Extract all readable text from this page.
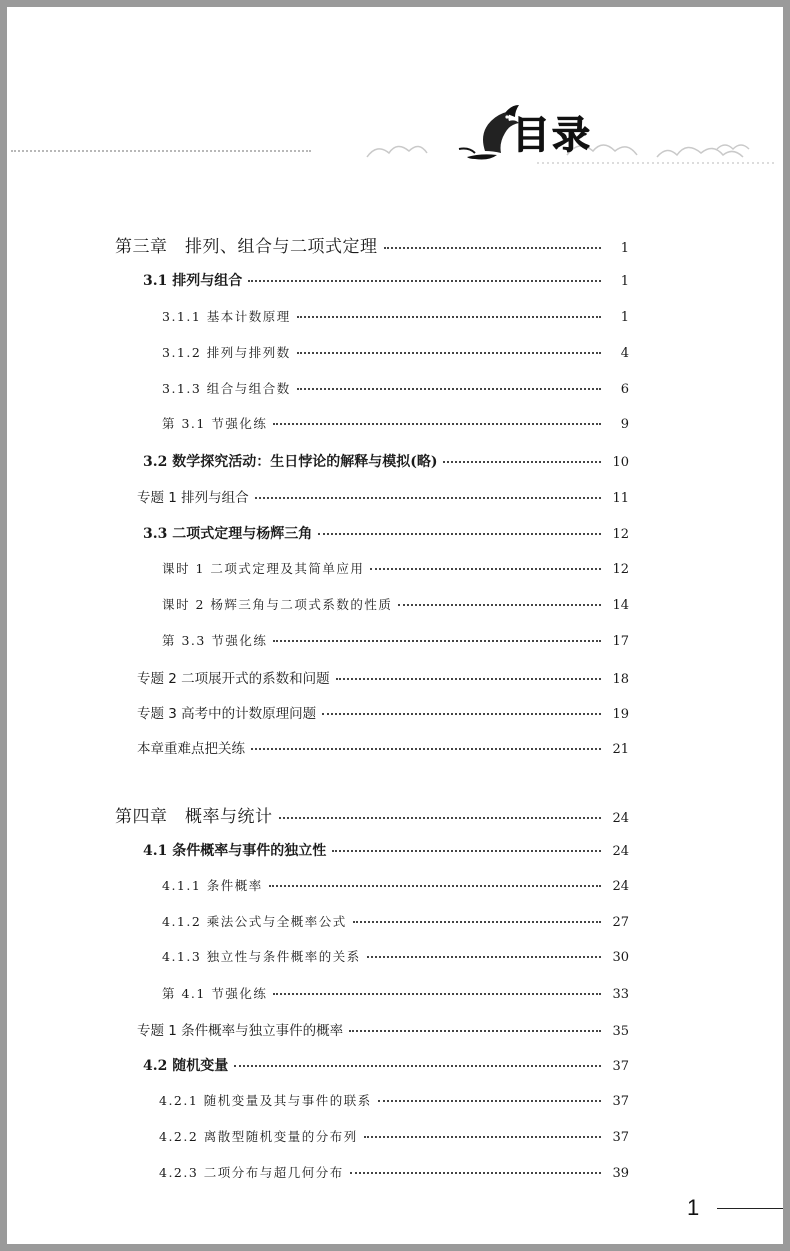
目录
第三章　排列、组合与二项式定理	1
3.1 排列与组合	1
3.1.1 基本计数原理	1
3.1.2 排列与排列数	4
3.1.3 组合与组合数	6
第 3.1 节强化练	9
3.2 数学探究活动：生日悖论的解释与模拟(略)	10
专题 1 排列与组合	11
3.3 二项式定理与杨辉三角	12
课时 1 二项式定理及其简单应用	12
课时 2 杨辉三角与二项式系数的性质	14
第 3.3 节强化练	17
专题 2 二项展开式的系数和问题	18
专题 3 高考中的计数原理问题	19
本章重难点把关练	21
第四章　概率与统计	24
4.1 条件概率与事件的独立性	24
4.1.1 条件概率	24
4.1.2 乘法公式与全概率公式	27
4.1.3 独立性与条件概率的关系	30
第 4.1 节强化练	33
专题 1 条件概率与独立事件的概率	35
4.2 随机变量	37
4.2.1 随机变量及其与事件的联系	37
4.2.2 离散型随机变量的分布列	37
4.2.3 二项分布与超几何分布	39
1
